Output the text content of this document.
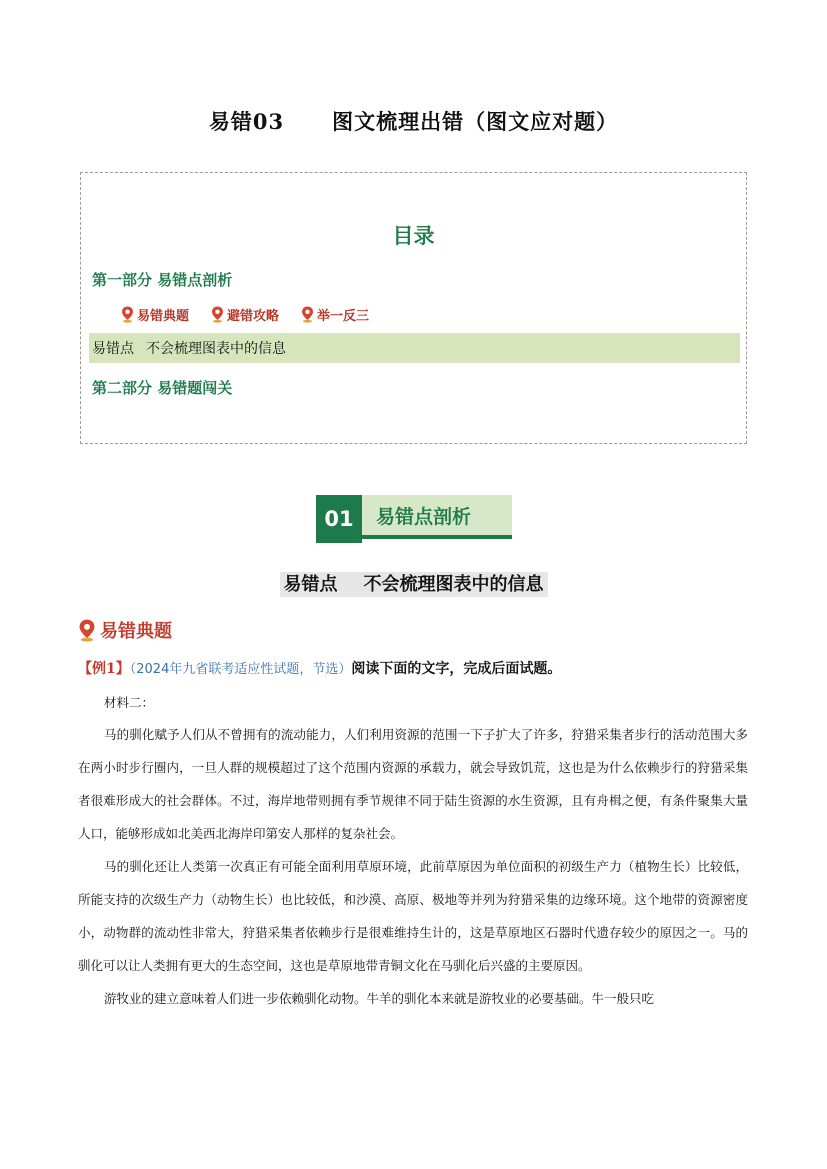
易错03 图文梳理出错（图文应对题）
目录
第一部分 易错点剖析
易错典题	避错攻略	举一反三
易错点 不会梳理图表中的信息
第二部分 易错题闯关
01	易错点剖析
易错点 不会梳理图表中的信息
易错典题
【例1】（2024年九省联考适应性试题，节选）阅读下面的文字，完成后面试题。
材料二：

马的驯化赋予人们从不曾拥有的流动能力，人们利用资源的范围一下子扩大了许多，狩猎采集者步行的活动范围大多在两小时步行圈内，一旦人群的规模超过了这个范围内资源的承载力，就会导致饥荒，这也是为什么依赖步行的狩猎采集者很难形成大的社会群体。不过，海岸地带则拥有季节规律不同于陆生资源的水生资源，且有舟楫之便，有条件聚集大量人口，能够形成如北美西北海岸印第安人那样的复杂社会。

马的驯化还让人类第一次真正有可能全面利用草原环境，此前草原因为单位面积的初级生产力（植物生长）比较低，所能支持的次级生产力（动物生长）也比较低，和沙漠、高原、极地等并列为狩猎采集的边缘环境。这个地带的资源密度小，动物群的流动性非常大，狩猎采集者依赖步行是很难维持生计的，这是草原地区石器时代遗存较少的原因之一。马的驯化可以让人类拥有更大的生态空间，这也是草原地带青铜文化在马驯化后兴盛的主要原因。

游牧业的建立意味着人们进一步依赖驯化动物。牛羊的驯化本来就是游牧业的必要基础。牛一般只吃
